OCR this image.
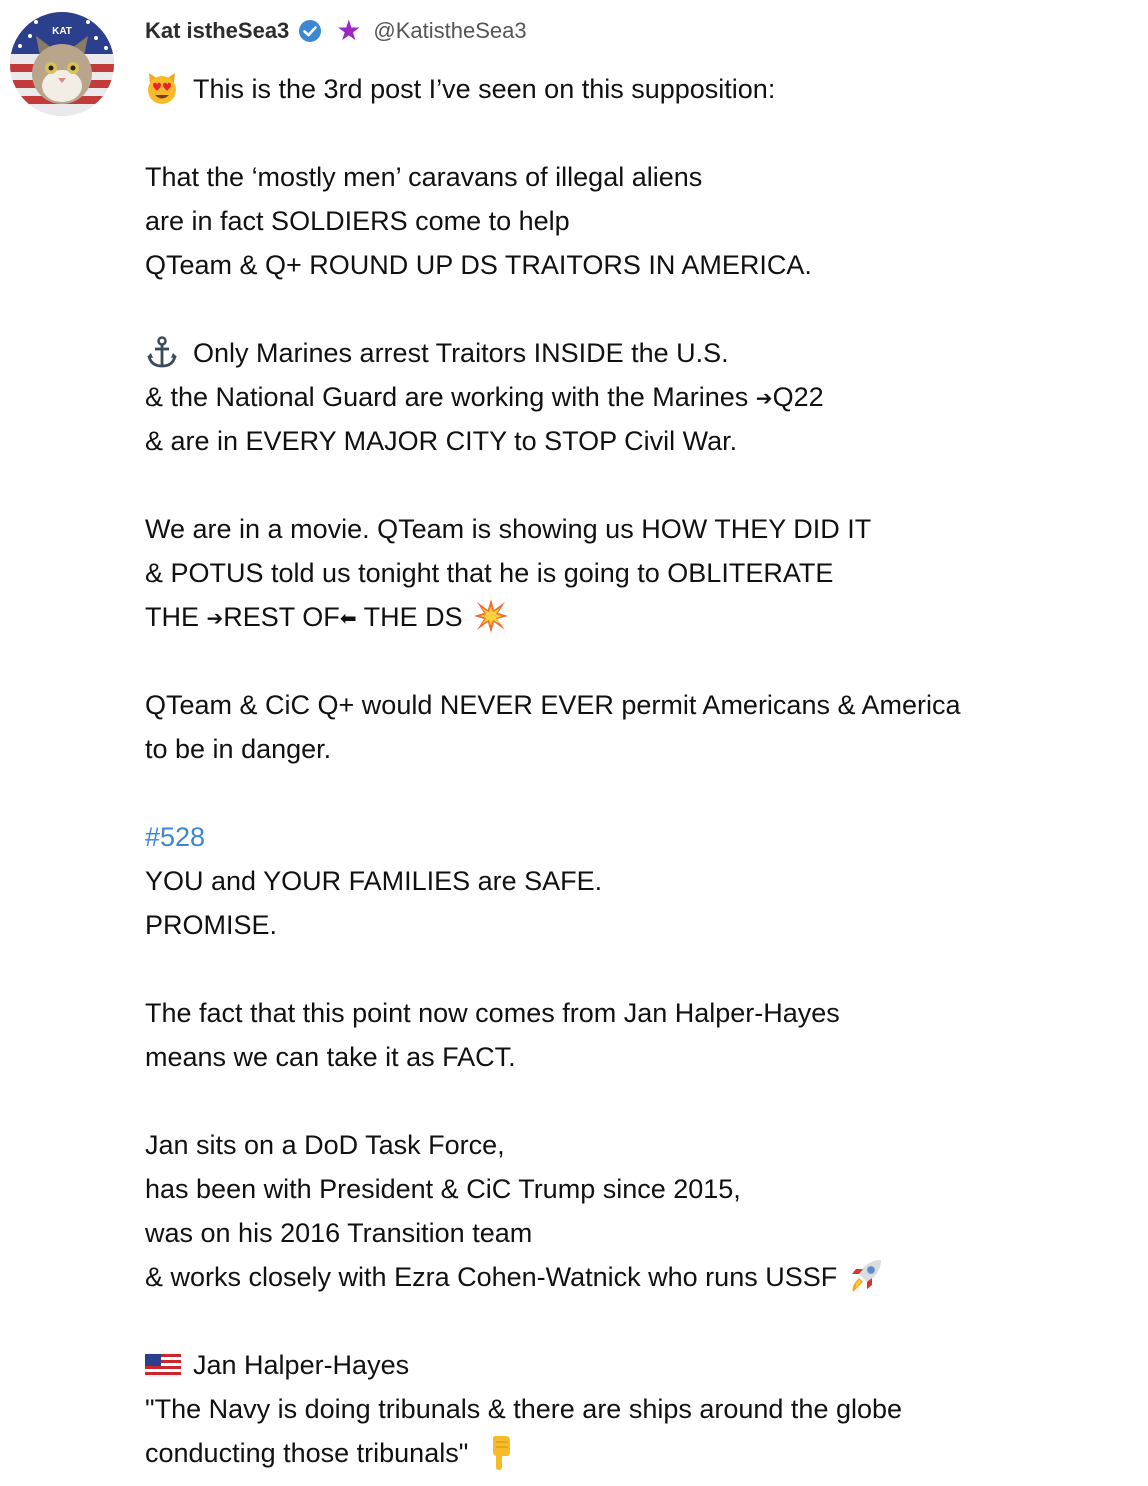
KAT	Kat istheSea3 ★ @KatistheSea3
This is the 3rd post I’ve seen on this supposition:
That the ‘mostly men’ caravans of illegal aliens
are in fact SOLDIERS come to help
QTeam & Q+ ROUND UP DS TRAITORS IN AMERICA.
Only Marines arrest Traitors INSIDE the U.S.
& the National Guard are working with the Marines ➔Q22
& are in EVERY MAJOR CITY to STOP Civil War.
We are in a movie. QTeam is showing us HOW THEY DID IT
& POTUS told us tonight that he is going to OBLITERATE
THE ➔REST OF⬅ THE DS
QTeam & CiC Q+ would NEVER EVER permit Americans & America
to be in danger.
#528
YOU and YOUR FAMILIES are SAFE.
PROMISE.
The fact that this point now comes from Jan Halper-Hayes
means we can take it as FACT.
Jan sits on a DoD Task Force,
has been with President & CiC Trump since 2015,
was on his 2016 Transition team
& works closely with Ezra Cohen-Watnick who runs USSF
Jan Halper-Hayes
"The Navy is doing tribunals & there are ships around the globe
conducting those tribunals"
